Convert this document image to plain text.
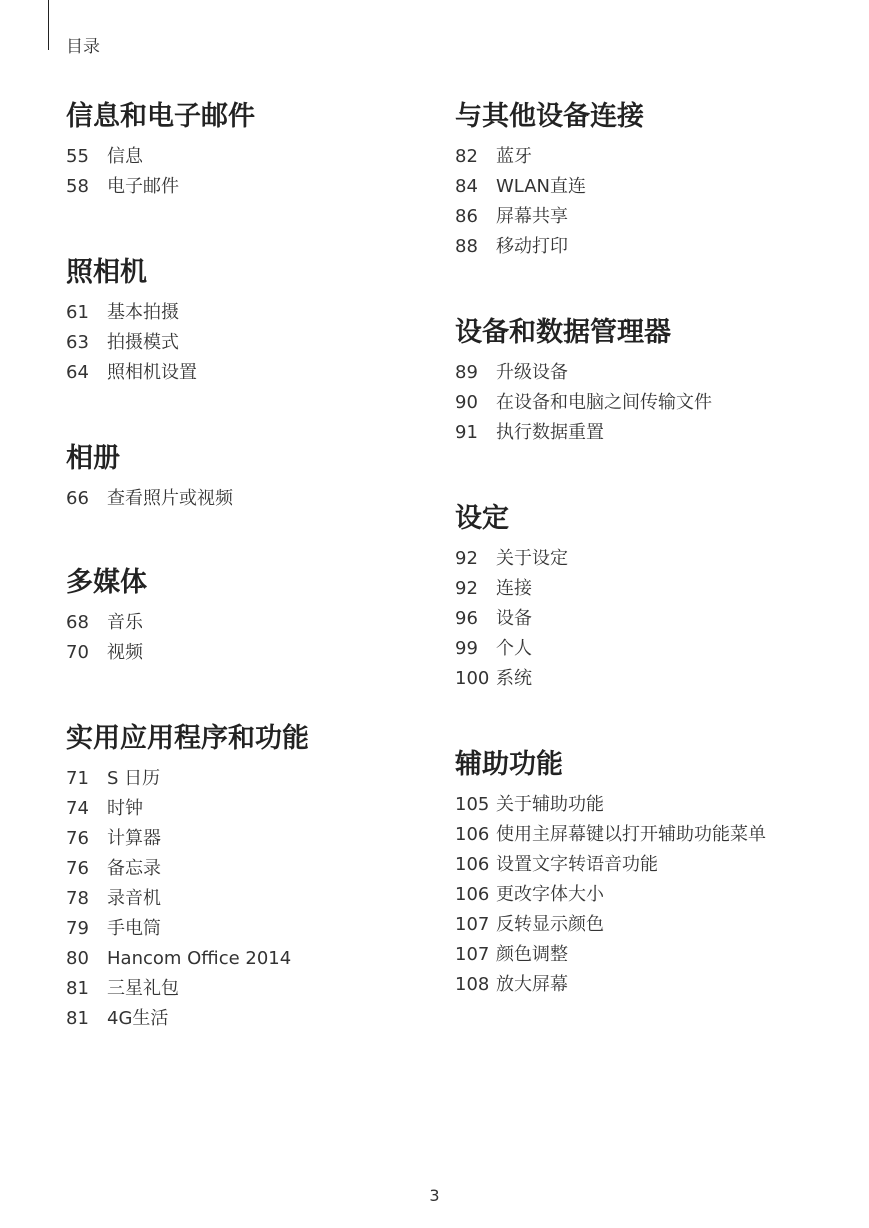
目录
信息和电子邮件
55 信息
58 电子邮件
照相机
61 基本拍摄
63 拍摄模式
64 照相机设置
相册
66 查看照片或视频
多媒体
68 音乐
70 视频
实用应用程序和功能
71 S 日历
74 时钟
76 计算器
76 备忘录
78 录音机
79 手电筒
80 Hancom Office 2014
81 三星礼包
81 4G生活
与其他设备连接
82 蓝牙
84 WLAN直连
86 屏幕共享
88 移动打印
设备和数据管理器
89 升级设备
90 在设备和电脑之间传输文件
91 执行数据重置
设定
92 关于设定
92 连接
96 设备
99 个人
100 系统
辅助功能
105 关于辅助功能
106 使用主屏幕键以打开辅助功能菜单
106 设置文字转语音功能
106 更改字体大小
107 反转显示颜色
107 颜色调整
108 放大屏幕
3
